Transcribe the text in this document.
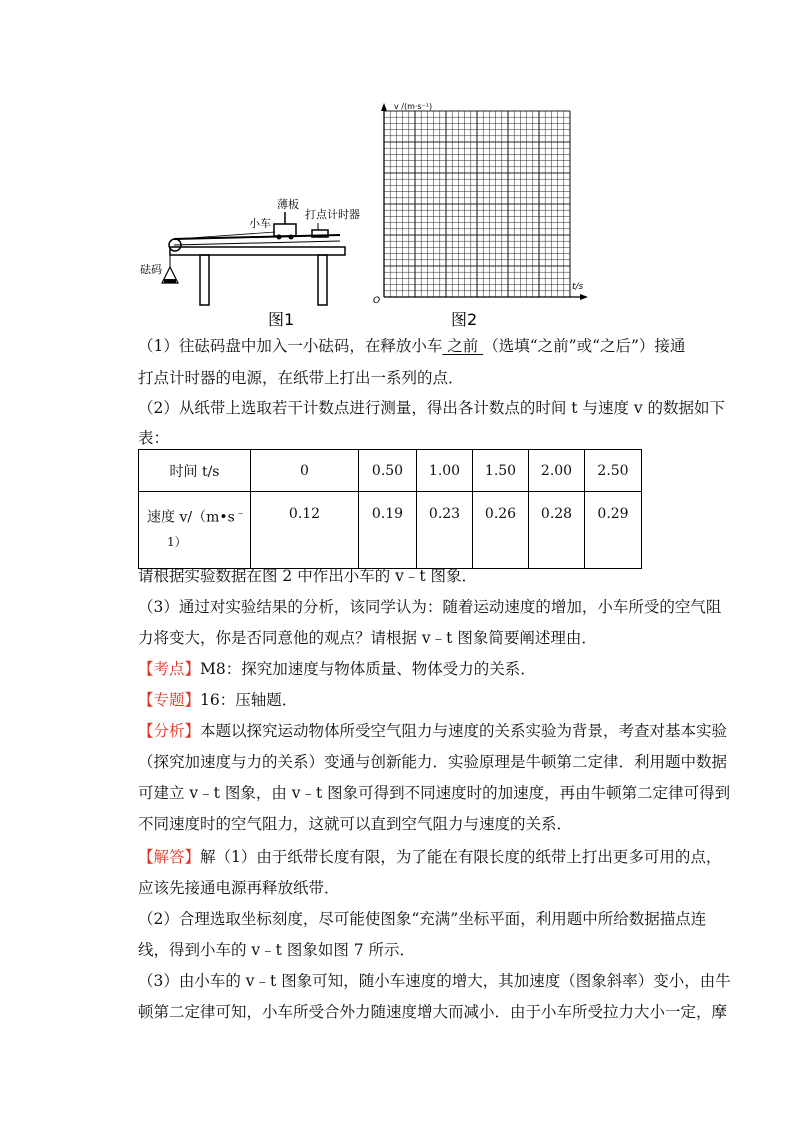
薄板
小车
打点计时器
砝码
图1
v /(m·s⁻¹)
t/s
O
图2
（1）往砝码盘中加入一小砝码，在释放小车 之前 （选填“之前”或“之后”）接通
打点计时器的电源，在纸带上打出一系列的点．
（2）从纸带上选取若干计数点进行测量，得出各计数点的时间 t 与速度 v 的数据如下
表：
时间 t/s	0	0.50	1.00	1.50	2.00	2.50
速度 v/（m•s﹣
1）	0.12	0.19	0.23	0.26	0.28	0.29
请根据实验数据在图 2 中作出小车的 v﹣t 图象．
（3）通过对实验结果的分析，该同学认为：随着运动速度的增加，小车所受的空气阻
力将变大，你是否同意他的观点？请根据 v﹣t 图象简要阐述理由．
【考点】M8：探究加速度与物体质量、物体受力的关系．
【专题】16：压轴题．
【分析】本题以探究运动物体所受空气阻力与速度的关系实验为背景，考查对基本实验
（探究加速度与力的关系）变通与创新能力．实验原理是牛顿第二定律．利用题中数据
可建立 v﹣t 图象，由 v﹣t 图象可得到不同速度时的加速度，再由牛顿第二定律可得到
不同速度时的空气阻力，这就可以直到空气阻力与速度的关系．
【解答】解（1）由于纸带长度有限，为了能在有限长度的纸带上打出更多可用的点，
应该先接通电源再释放纸带．
（2）合理选取坐标刻度，尽可能使图象“充满”坐标平面，利用题中所给数据描点连
线，得到小车的 v﹣t 图象如图 7 所示．
（3）由小车的 v﹣t 图象可知，随小车速度的增大，其加速度（图象斜率）变小，由牛
顿第二定律可知，小车所受合外力随速度增大而减小．由于小车所受拉力大小一定，摩
